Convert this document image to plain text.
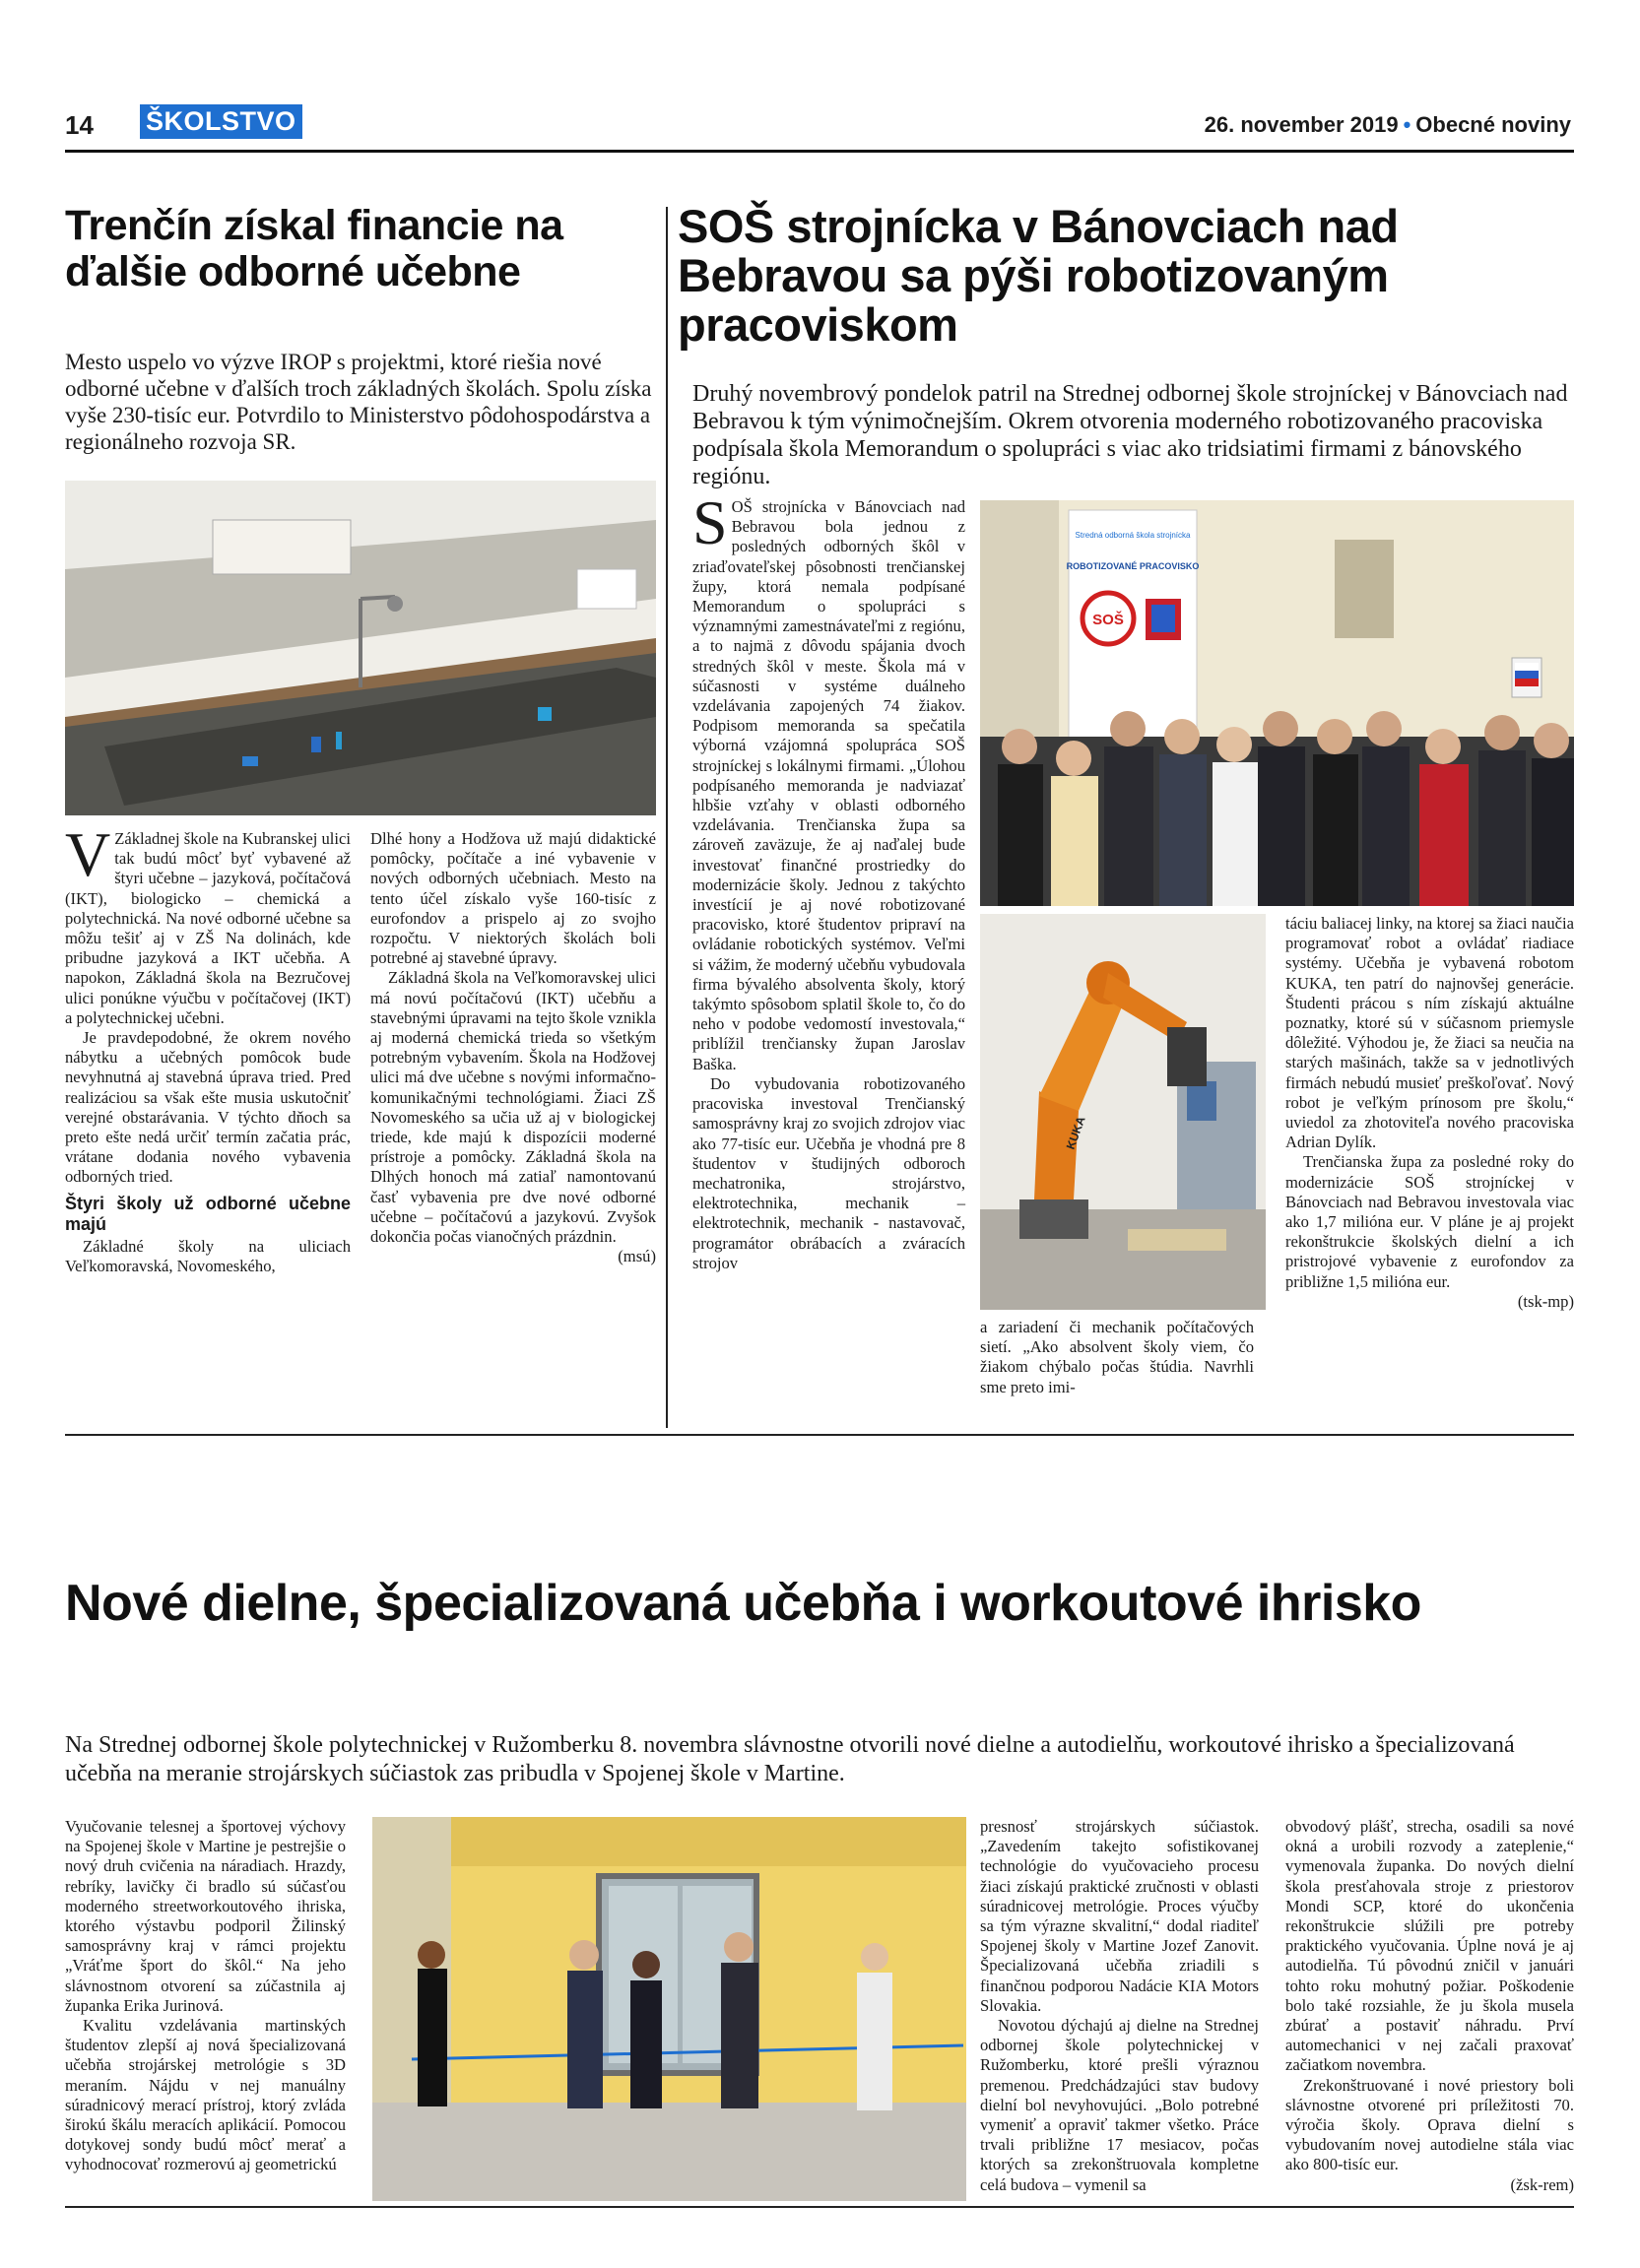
14 ŠKOLSTVO	26. november 2019 • Obecné noviny
Trenčín získal financie na ďalšie odborné učebne
Mesto uspelo vo výzve IROP s projektmi, ktoré riešia nové odborné učebne v ďalších troch základných školách. Spolu získa vyše 230-tisíc eur. Potvrdilo to Ministerstvo pôdohospodárstva a regionálneho rozvoja SR.

V Základnej škole na Kubranskej ulici tak budú môcť byť vybavené až štyri učebne – jazyková, počítačová (IKT), biologicko – chemická a polytechnická. Na nové odborné učebne sa môžu tešiť aj v ZŠ Na dolinách, kde pribudne jazyková a IKT učebňa. A napokon, Základná škola na Bezručovej ulici ponúkne výučbu v počítačovej (IKT) a polytechnickej učebni.

Je pravdepodobné, že okrem nového nábytku a učebných pomôcok bude nevyhnutná aj stavebná úprava tried. Pred realizáciou sa však ešte musia uskutočniť verejné obstarávania. V týchto dňoch sa preto ešte nedá určiť termín začatia prác, vrátane dodania nového vybavenia odborných tried.

Štyri školy už odborné učebne majú

Základné školy na uliciach Veľkomoravská, Novomeského,

Dlhé hony a Hodžova už majú didaktické pomôcky, počítače a iné vybavenie v nových odborných učebniach. Mesto na tento účel získalo vyše 160-tisíc z eurofondov a prispelo aj zo svojho rozpočtu. V niektorých školách boli potrebné aj stavebné úpravy.

Základná škola na Veľkomoravskej ulici má novú počítačovú (IKT) učebňu a stavebnými úpravami na tejto škole vznikla aj moderná chemická trieda so všetkým potrebným vybavením. Škola na Hodžovej ulici má dve učebne s novými informačno-komunikačnými technológiami. Žiaci ZŠ Novomeského sa učia už aj v biologickej triede, kde majú k dispozícii moderné prístroje a pomôcky. Základná škola na Dlhých honoch má zatiaľ namontovanú časť vybavenia pre dve nové odborné učebne – počítačovú a jazykovú. Zvyšok dokončia počas vianočných prázdnin.

(msú)
SOŠ strojnícka v Bánovciach nad Bebravou sa pýši robotizovaným pracoviskom
Druhý novembrový pondelok patril na Strednej odbornej škole strojníckej v Bánovciach nad Bebravou k tým výnimočnejším. Okrem otvorenia moderného robotizovaného pracoviska podpísala škola Memorandum o spolupráci s viac ako tridsiatimi firmami z bánovského regiónu.

SOŠ strojnícka v Bánovciach nad Bebravou bola jednou z posledných odborných škôl v zriaďovateľskej pôsobnosti trenčianskej župy, ktorá nemala podpísané Memorandum o spolupráci s významnými zamestnávateľmi z regiónu, a to najmä z dôvodu spájania dvoch stredných škôl v meste. Škola má v súčasnosti v systéme duálneho vzdelávania zapojených 74 žiakov. Podpisom memoranda sa spečatila výborná vzájomná spolupráca SOŠ strojníckej s lokálnymi firmami. „Úlohou podpísaného memoranda je nadviazať hlbšie vzťahy v oblasti odborného vzdelávania. Trenčianska župa sa zároveň zaväzuje, že aj naďalej bude investovať finančné prostriedky do modernizácie školy. Jednou z takýchto investícií je aj nové robotizované pracovisko, ktoré študentov pripraví na ovládanie robotických systémov. Veľmi si vážim, že moderný učebňu vybudovala firma bývalého absolventa školy, ktorý takýmto spôsobom splatil škole to, čo do neho v podobe vedomostí investovala,“ priblížil trenčiansky župan Jaroslav Baška.

Do vybudovania robotizovaného pracoviska investoval Trenčianský samosprávny kraj zo svojich zdrojov viac ako 77-tisíc eur. Učebňa je vhodná pre 8 študentov v študijných odboroch mechatronika, strojárstvo, elektrotechnika, mechanik – elektrotechnik, mechanik - nastavovač, programátor obrábacích a zváracích strojov

Stredná odborná škola strojnícka
ROBOTIZOVANÉ PRACOVISKO
SOŠ
KUKA

a zariadení či mechanik počítačových sietí. „Ako absolvent školy viem, čo žiakom chýbalo počas štúdia. Navrhli sme preto imi-

táciu baliacej linky, na ktorej sa žiaci naučia programovať robot a ovládať riadiace systémy. Učebňa je vybavená robotom KUKA, ten patrí do najnovšej generácie. Študenti prácou s ním získajú aktuálne poznatky, ktoré sú v súčasnom priemysle dôležité. Výhodou je, že žiaci sa neučia na starých mašinách, takže sa v jednotlivých firmách nebudú musieť preškoľovať. Nový robot je veľkým prínosom pre školu,“ uviedol za zhotoviteľa nového pracoviska Adrian Dylík.

Trenčianska župa za posledné roky do modernizácie SOŠ strojníckej v Bánovciach nad Bebravou investovala viac ako 1,7 milióna eur. V pláne je aj projekt rekonštrukcie školských dielní a ich pristrojové vybavenie z eurofondov za približne 1,5 milióna eur.

(tsk-mp)
Nové dielne, špecializovaná učebňa i workoutové ihrisko
Na Strednej odbornej škole polytechnickej v Ružomberku 8. novembra slávnostne otvorili nové dielne a autodielňu, workoutové ihrisko a špecializovaná učebňa na meranie strojárskych súčiastok zas pribudla v Spojenej škole v Martine.

Vyučovanie telesnej a športovej výchovy na Spojenej škole v Martine je pestrejšie o nový druh cvičenia na náradiach. Hrazdy, rebríky, lavičky či bradlo sú súčasťou moderného streetworkoutového ihriska, ktorého výstavbu podporil Žilinský samosprávny kraj v rámci projektu „Vráťme šport do škôl.“ Na jeho slávnostnom otvorení sa zúčastnila aj županka Erika Jurinová.

Kvalitu vzdelávania martinských študentov zlepší aj nová špecializovaná učebňa strojárskej metrológie s 3D meraním. Nájdu v nej manuálny súradnicový merací prístroj, ktorý zvláda širokú škálu meracích aplikácií. Pomocou dotykovej sondy budú môcť merať a vyhodnocovať rozmerovú aj geometrickú

presnosť strojárskych súčiastok. „Zavedením takejto sofistikovanej technológie do vyučovacieho procesu žiaci získajú praktické zručnosti v oblasti súradnicovej metrológie. Proces výučby sa tým výrazne skvalitní,“ dodal riaditeľ Spojenej školy v Martine Jozef Zanovit. Špecializovaná učebňa zriadili s finančnou podporou Nadácie KIA Motors Slovakia.

Novotou dýchajú aj dielne na Strednej odbornej škole polytechnickej v Ružomberku, ktoré prešli výraznou premenou. Predchádzajúci stav budovy dielní bol nevyhovujúci. „Bolo potrebné vymeniť a opraviť takmer všetko. Práce trvali približne 17 mesiacov, počas ktorých sa zrekonštruovala kompletne celá budova – vymenil sa

obvodový plášť, strecha, osadili sa nové okná a urobili rozvody a zateplenie,“ vymenovala županka. Do nových dielní škola presťahovala stroje z priestorov Mondi SCP, ktoré do ukončenia rekonštrukcie slúžili pre potreby praktického vyučovania. Úplne nová je aj autodielňa. Tú pôvodnú zničil v januári tohto roku mohutný požiar. Poškodenie bolo také rozsiahle, že ju škola musela zbúrať a postaviť náhradu. Prví automechanici v nej začali praxovať začiatkom novembra.

Zrekonštruované i nové priestory boli slávnostne otvorené pri príležitosti 70. výročia školy. Oprava dielní s vybudovaním novej autodielne stála viac ako 800-tisíc eur.

(žsk-rem)
